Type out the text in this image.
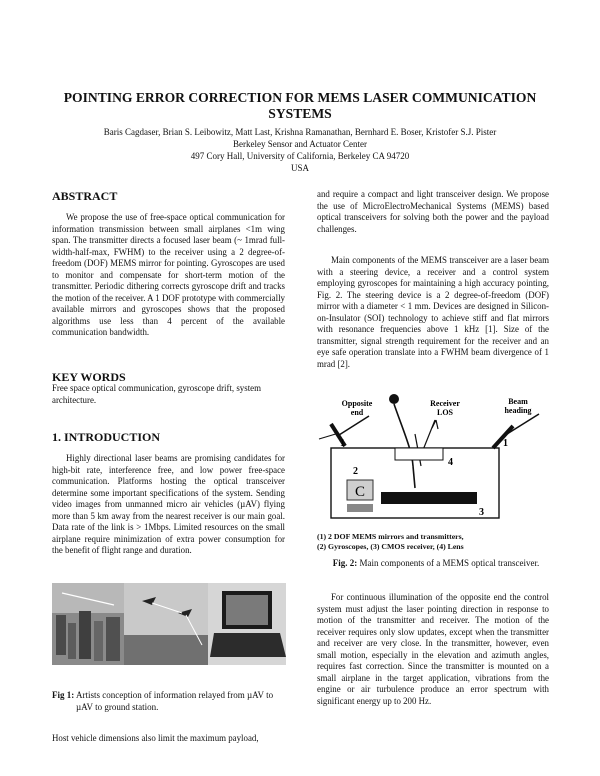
POINTING ERROR CORRECTION FOR MEMS LASER COMMUNICATION
SYSTEMS
Baris Cagdaser, Brian S. Leibowitz, Matt Last, Krishna Ramanathan, Bernhard E. Boser, Kristofer S.J. Pister
Berkeley Sensor and Actuator Center
497 Cory Hall, University of California, Berkeley CA 94720
USA
ABSTRACT
We propose the use of free-space optical communication for information transmission between small airplanes <1m wing span. The transmitter directs a focused laser beam (~ 1mrad full-width-half-max, FWHM) to the receiver using a 2 degree-of-freedom (DOF) MEMS mirror for pointing. Gyroscopes are used to monitor and compensate for short-term motion of the transmitter. Periodic dithering corrects gyroscope drift and tracks the motion of the receiver. A 1 DOF prototype with commercially available mirrors and gyroscopes shows that the proposed algorithms use less than 4 percent of the available communication bandwidth.
KEY WORDS
Free space optical communication, gyroscope drift, system architecture.
1. INTRODUCTION
Highly directional laser beams are promising candidates for high-bit rate, interference free, and low power free-space communication. Platforms hosting the optical transceiver determine some important specifications of the system. Sending video images from unmanned micro air vehicles (µAV) flying more than 5 km away from the nearest receiver is our main goal. Data rate of the link is > 1Mbps. Limited resources on the small airplane require minimization of extra power consumption for the benefit of flight range and duration.
Fig 1: Artists conception of information relayed from µAV to µAV to ground station.
Host vehicle dimensions also limit the maximum payload,
and require a compact and light transceiver design. We propose the use of MicroElectroMechanical Systems (MEMS) based optical transceivers for solving both the power and the payload challenges.
Main components of the MEMS transceiver are a laser beam with a steering device, a receiver and a control system employing gyroscopes for maintaining a high accuracy pointing, Fig. 2. The steering device is a 2 degree-of-freedom (DOF) mirror with a diameter < 1 mm. Devices are designed in Silicon-on-Insulator (SOI) technology to achieve stiff and flat mirrors with resonance frequencies above 1 kHz [1]. Size of the transmitter, signal strength requirement for the receiver and an eye safe operation translate into a FWHM beam divergence of 1 mrad [2].
Opposite
end
Receiver
LOS
Beam
heading
1	1
4
2
C
3
(1) 2 DOF MEMS mirrors and transmitters,
(2) Gyroscopes, (3) CMOS receiver, (4) Lens
Fig. 2: Main components of a MEMS optical transceiver.
For continuous illumination of the opposite end the control system must adjust the laser pointing direction in response to motion of the transmitter and receiver. The motion of the receiver requires only slow updates, except when the transmitter and receiver are very close. In the transmitter, however, even small motion, especially in the elevation and azimuth angles, requires fast correction. Since the transmitter is mounted on a small airplane in the target application, vibrations from the engine or air turbulence produce an error spectrum with significant energy up to 200 Hz.
